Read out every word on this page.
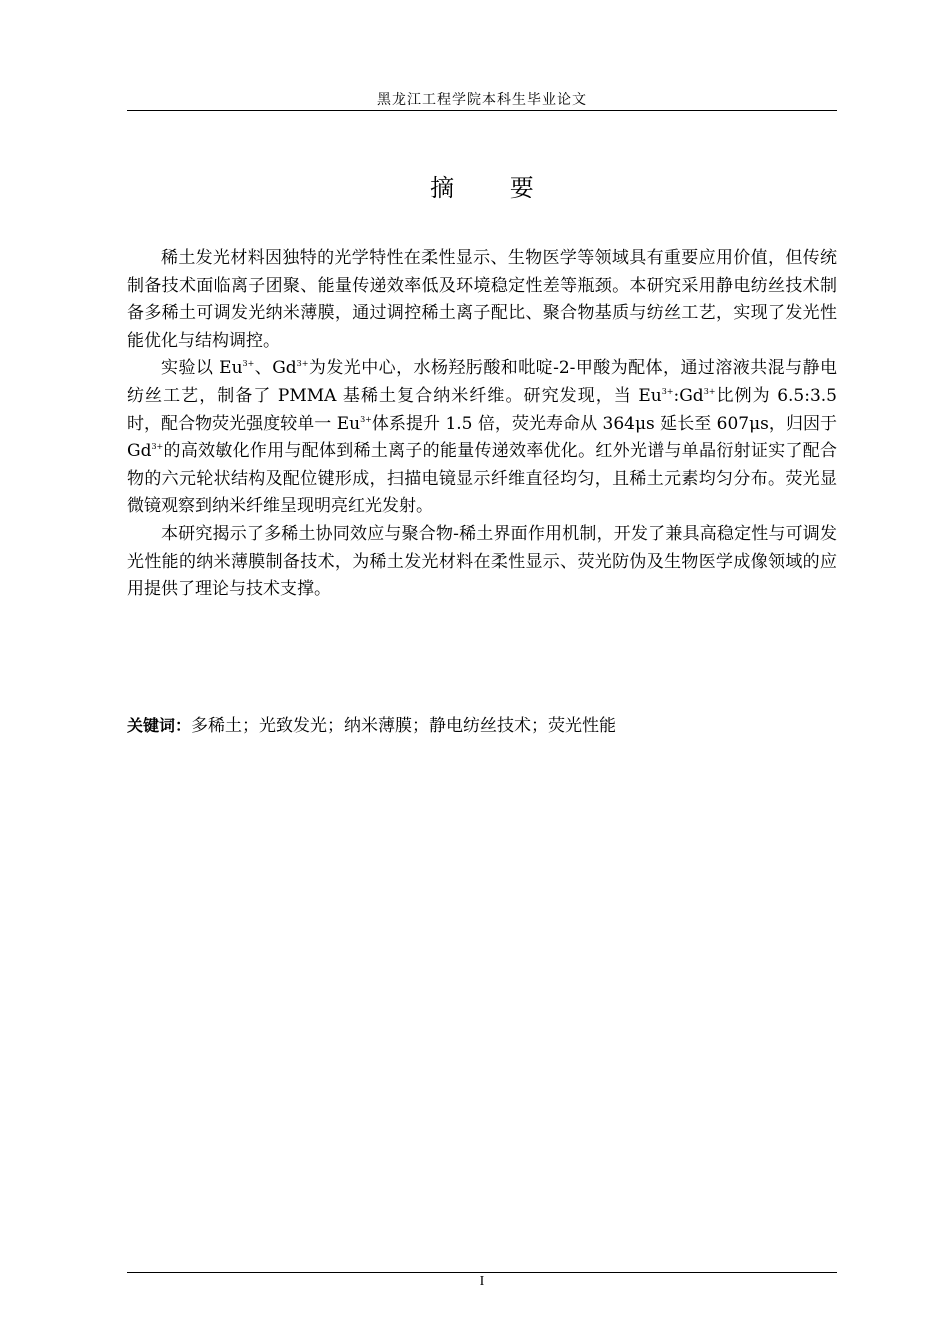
黑龙江工程学院本科生毕业论文
摘 要

稀土发光材料因独特的光学特性在柔性显示、生物医学等领域具有重要应用价值，但传统制备技术面临离子团聚、能量传递效率低及环境稳定性差等瓶颈。本研究采用静电纺丝技术制备多稀土可调发光纳米薄膜，通过调控稀土离子配比、聚合物基质与纺丝工艺，实现了发光性能优化与结构调控。

实验以 $Eu^{3+}$、$Gd^{3+}$为发光中心，水杨羟肟酸和吡啶-2-甲酸为配体，通过溶液共混与静电纺丝工艺，制备了 PMMA 基稀土复合纳米纤维。研究发现，当 $Eu^{3+}:Gd^{3+}$比例为 6.5:3.5 时，配合物荧光强度较单一 $Eu^{3+}$体系提升 1.5 倍，荧光寿命从 364μs 延长至 607μs，归因于 $Gd^{3+}$的高效敏化作用与配体到稀土离子的能量传递效率优化。红外光谱与单晶衍射证实了配合物的六元轮状结构及配位键形成，扫描电镜显示纤维直径均匀，且稀土元素均匀分布。荧光显微镜观察到纳米纤维呈现明亮红光发射。

本研究揭示了多稀土协同效应与聚合物-稀土界面作用机制，开发了兼具高稳定性与可调发光性能的纳米薄膜制备技术，为稀土发光材料在柔性显示、荧光防伪及生物医学成像领域的应用提供了理论与技术支撑。

关键词：多稀土；光致发光；纳米薄膜；静电纺丝技术；荧光性能
I
